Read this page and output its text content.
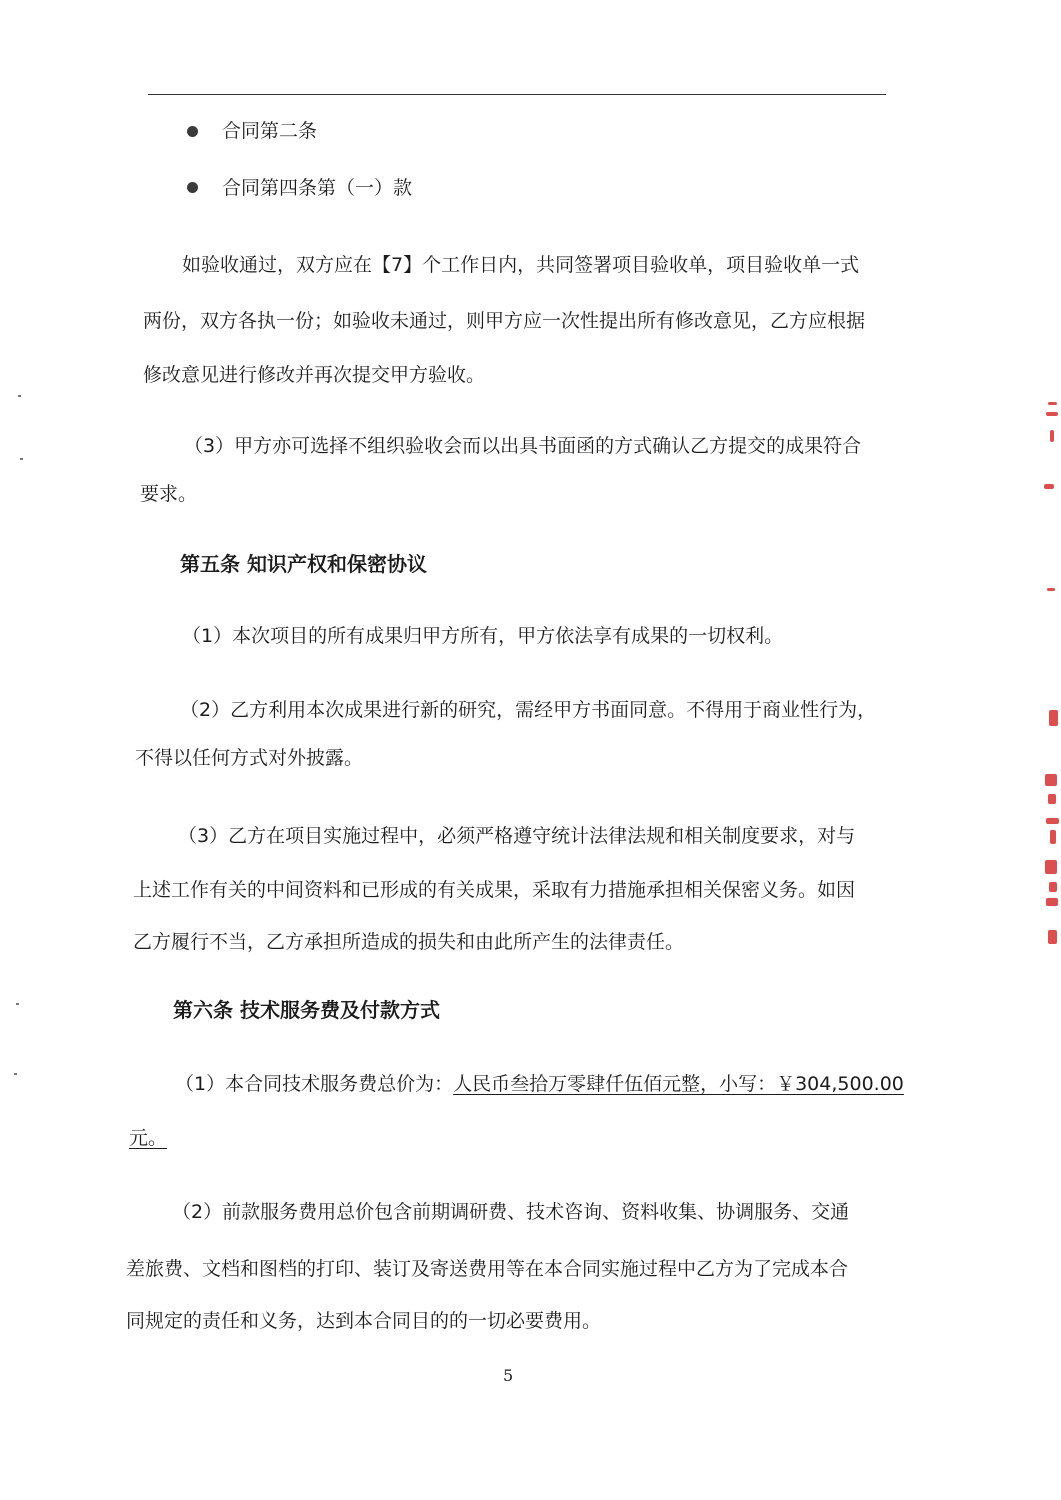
合同第二条
合同第四条第（一）款
如验收通过，双方应在【7】个工作日内，共同签署项目验收单，项目验收单一式
两份，双方各执一份；如验收未通过，则甲方应一次性提出所有修改意见，乙方应根据
修改意见进行修改并再次提交甲方验收。
（3）甲方亦可选择不组织验收会而以出具书面函的方式确认乙方提交的成果符合
要求。
第五条 知识产权和保密协议
（1）本次项目的所有成果归甲方所有，甲方依法享有成果的一切权利。
（2）乙方利用本次成果进行新的研究，需经甲方书面同意。不得用于商业性行为，
不得以任何方式对外披露。
（3）乙方在项目实施过程中，必须严格遵守统计法律法规和相关制度要求，对与
上述工作有关的中间资料和已形成的有关成果，采取有力措施承担相关保密义务。如因
乙方履行不当，乙方承担所造成的损失和由此所产生的法律责任。
第六条 技术服务费及付款方式
（1）本合同技术服务费总价为：人民币叁拾万零肆仟伍佰元整，小写：￥304,500.00
元。
（2）前款服务费用总价包含前期调研费、技术咨询、资料收集、协调服务、交通
差旅费、文档和图档的打印、装订及寄送费用等在本合同实施过程中乙方为了完成本合
同规定的责任和义务，达到本合同目的的一切必要费用。
5
